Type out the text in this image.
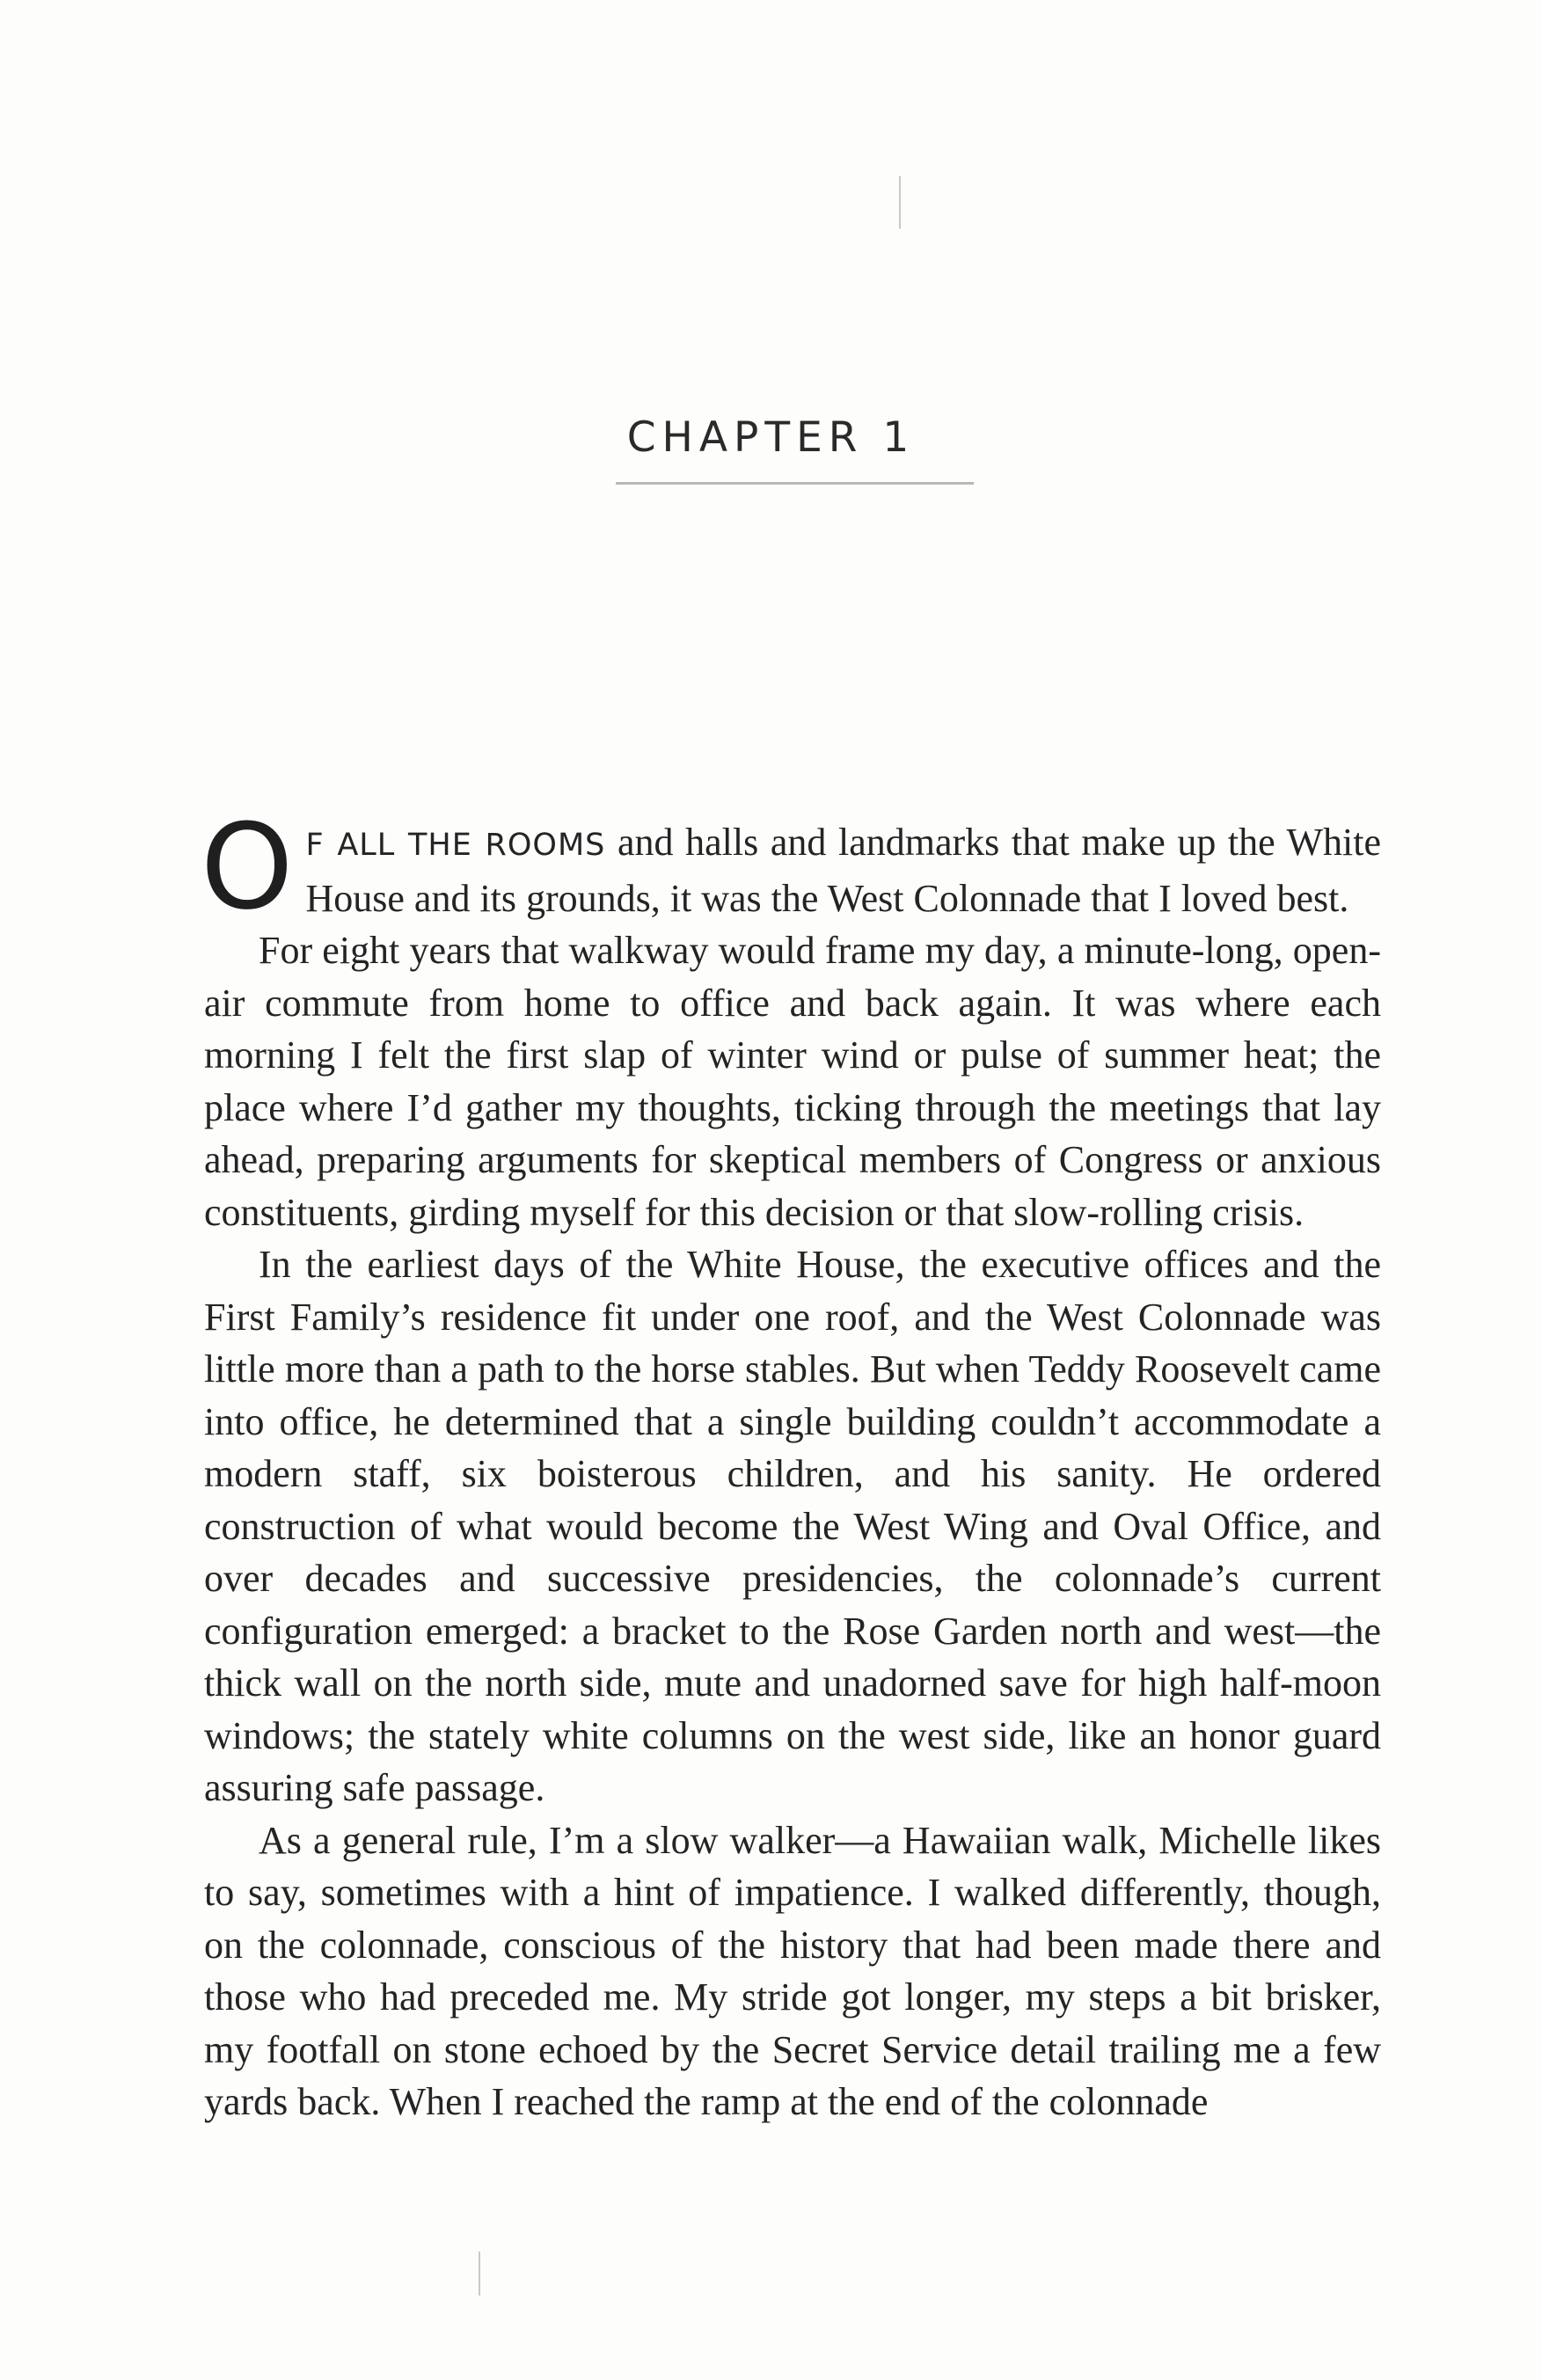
CHAPTER 1

O F ALL THE ROOMS and halls and landmarks that make up the White House and its grounds, it was the West Colonnade that I loved best.

For eight years that walkway would frame my day, a minute-long, open-air commute from home to office and back again. It was where each morning I felt the first slap of winter wind or pulse of summer heat; the place where I’d gather my thoughts, ticking through the meetings that lay ahead, preparing arguments for skeptical members of Congress or anxious constituents, girding myself for this decision or that slow-rolling crisis.

In the earliest days of the White House, the executive offices and the First Family’s residence fit under one roof, and the West Colonnade was little more than a path to the horse stables. But when Teddy Roosevelt came into office, he determined that a single building couldn’t accommodate a modern staff, six boisterous children, and his sanity. He ordered construction of what would become the West Wing and Oval Office, and over decades and successive presidencies, the colonnade’s current configuration emerged: a bracket to the Rose Garden north and west—the thick wall on the north side, mute and unadorned save for high half-moon windows; the stately white columns on the west side, like an honor guard assuring safe passage.

As a general rule, I’m a slow walker—a Hawaiian walk, Michelle likes to say, sometimes with a hint of impatience. I walked differently, though, on the colonnade, conscious of the history that had been made there and those who had preceded me. My stride got longer, my steps a bit brisker, my footfall on stone echoed by the Secret Service detail trailing me a few yards back. When I reached the ramp at the end of the colonnade
